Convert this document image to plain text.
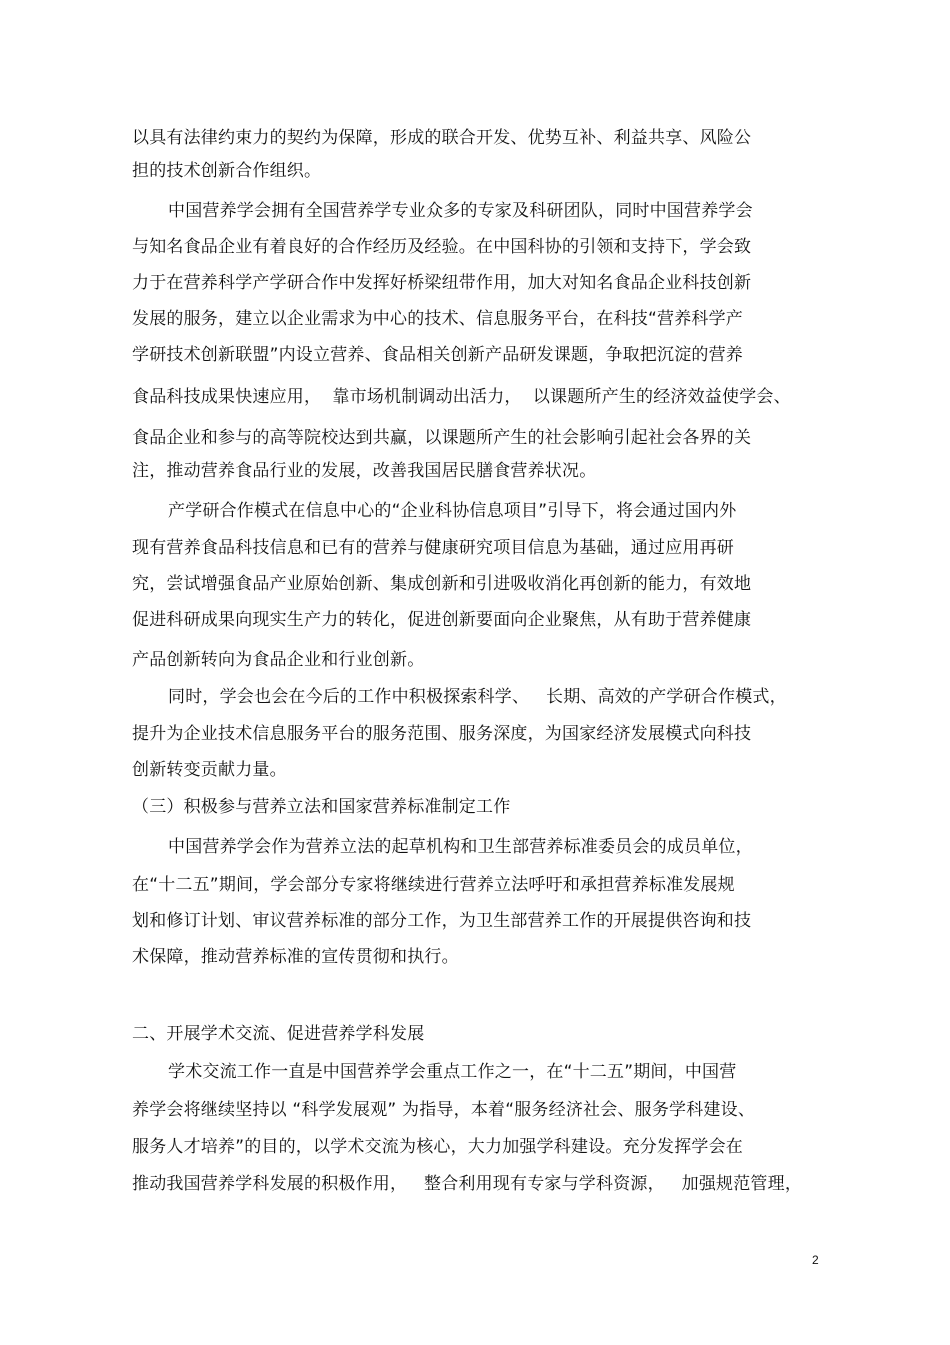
以具有法律约束力的契约为保障，形成的联合开发、优势互补、利益共享、风险公
担的技术创新合作组织。
中国营养学会拥有全国营养学专业众多的专家及科研团队，同时中国营养学会
与知名食品企业有着良好的合作经历及经验。在中国科协的引领和支持下，学会致
力于在营养科学产学研合作中发挥好桥梁纽带作用，加大对知名食品企业科技创新
发展的服务，建立以企业需求为中心的技术、信息服务平台，在科技“营养科学产
学研技术创新联盟”内设立营养、食品相关创新产品研发课题，争取把沉淀的营养
食品科技成果快速应用，  靠市场机制调动出活力，  以课题所产生的经济效益使学会、
食品企业和参与的高等院校达到共赢，以课题所产生的社会影响引起社会各界的关
注，推动营养食品行业的发展，改善我国居民膳食营养状况。
产学研合作模式在信息中心的“企业科协信息项目”引导下，将会通过国内外
现有营养食品科技信息和已有的营养与健康研究项目信息为基础，通过应用再研
究，尝试增强食品产业原始创新、集成创新和引进吸收消化再创新的能力，有效地
促进科研成果向现实生产力的转化，促进创新要面向企业聚焦，从有助于营养健康
产品创新转向为食品企业和行业创新。
同时，学会也会在今后的工作中积极探索科学、   长期、高效的产学研合作模式，
提升为企业技术信息服务平台的服务范围、服务深度，为国家经济发展模式向科技
创新转变贡献力量。
（三）积极参与营养立法和国家营养标准制定工作
中国营养学会作为营养立法的起草机构和卫生部营养标准委员会的成员单位，
在“十二五”期间，学会部分专家将继续进行营养立法呼吁和承担营养标准发展规
划和修订计划、审议营养标准的部分工作，为卫生部营养工作的开展提供咨询和技
术保障，推动营养标准的宣传贯彻和执行。
二、开展学术交流、促进营养学科发展
学术交流工作一直是中国营养学会重点工作之一，在“十二五”期间，中国营
养学会将继续坚持以 “科学发展观” 为指导，本着“服务经济社会、服务学科建设、
服务人才培养”的目的，以学术交流为核心，大力加强学科建设。充分发挥学会在
推动我国营养学科发展的积极作用，   整合利用现有专家与学科资源，   加强规范管理，
2
